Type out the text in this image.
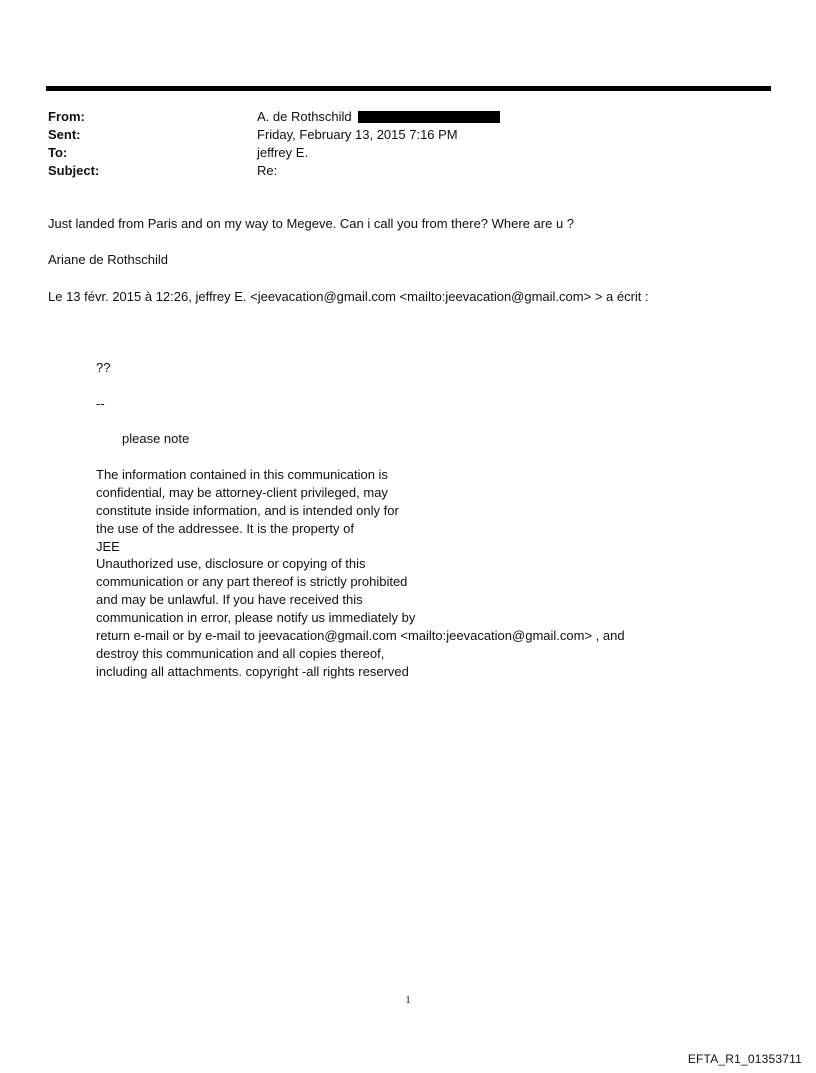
From:	A. de Rothschild
Sent:	Friday, February 13, 2015 7:16 PM
To:	jeffrey E.
Subject:	Re:
Just landed from Paris and on my way to Megeve. Can i call you from there? Where are u ?
Ariane de Rothschild
Le 13 févr. 2015 à 12:26, jeffrey E. <jeevacation@gmail.com <mailto:jeevacation@gmail.com> > a écrit :
??
--
please note
The information contained in this communication is
confidential, may be attorney-client privileged, may
constitute inside information, and is intended only for
the use of the addressee. It is the property of
JEE
Unauthorized use, disclosure or copying of this
communication or any part thereof is strictly prohibited
and may be unlawful. If you have received this
communication in error, please notify us immediately by
return e-mail or by e-mail to jeevacation@gmail.com <mailto:jeevacation@gmail.com> , and
destroy this communication and all copies thereof,
including all attachments. copyright -all rights reserved
1
EFTA_R1_01353711
